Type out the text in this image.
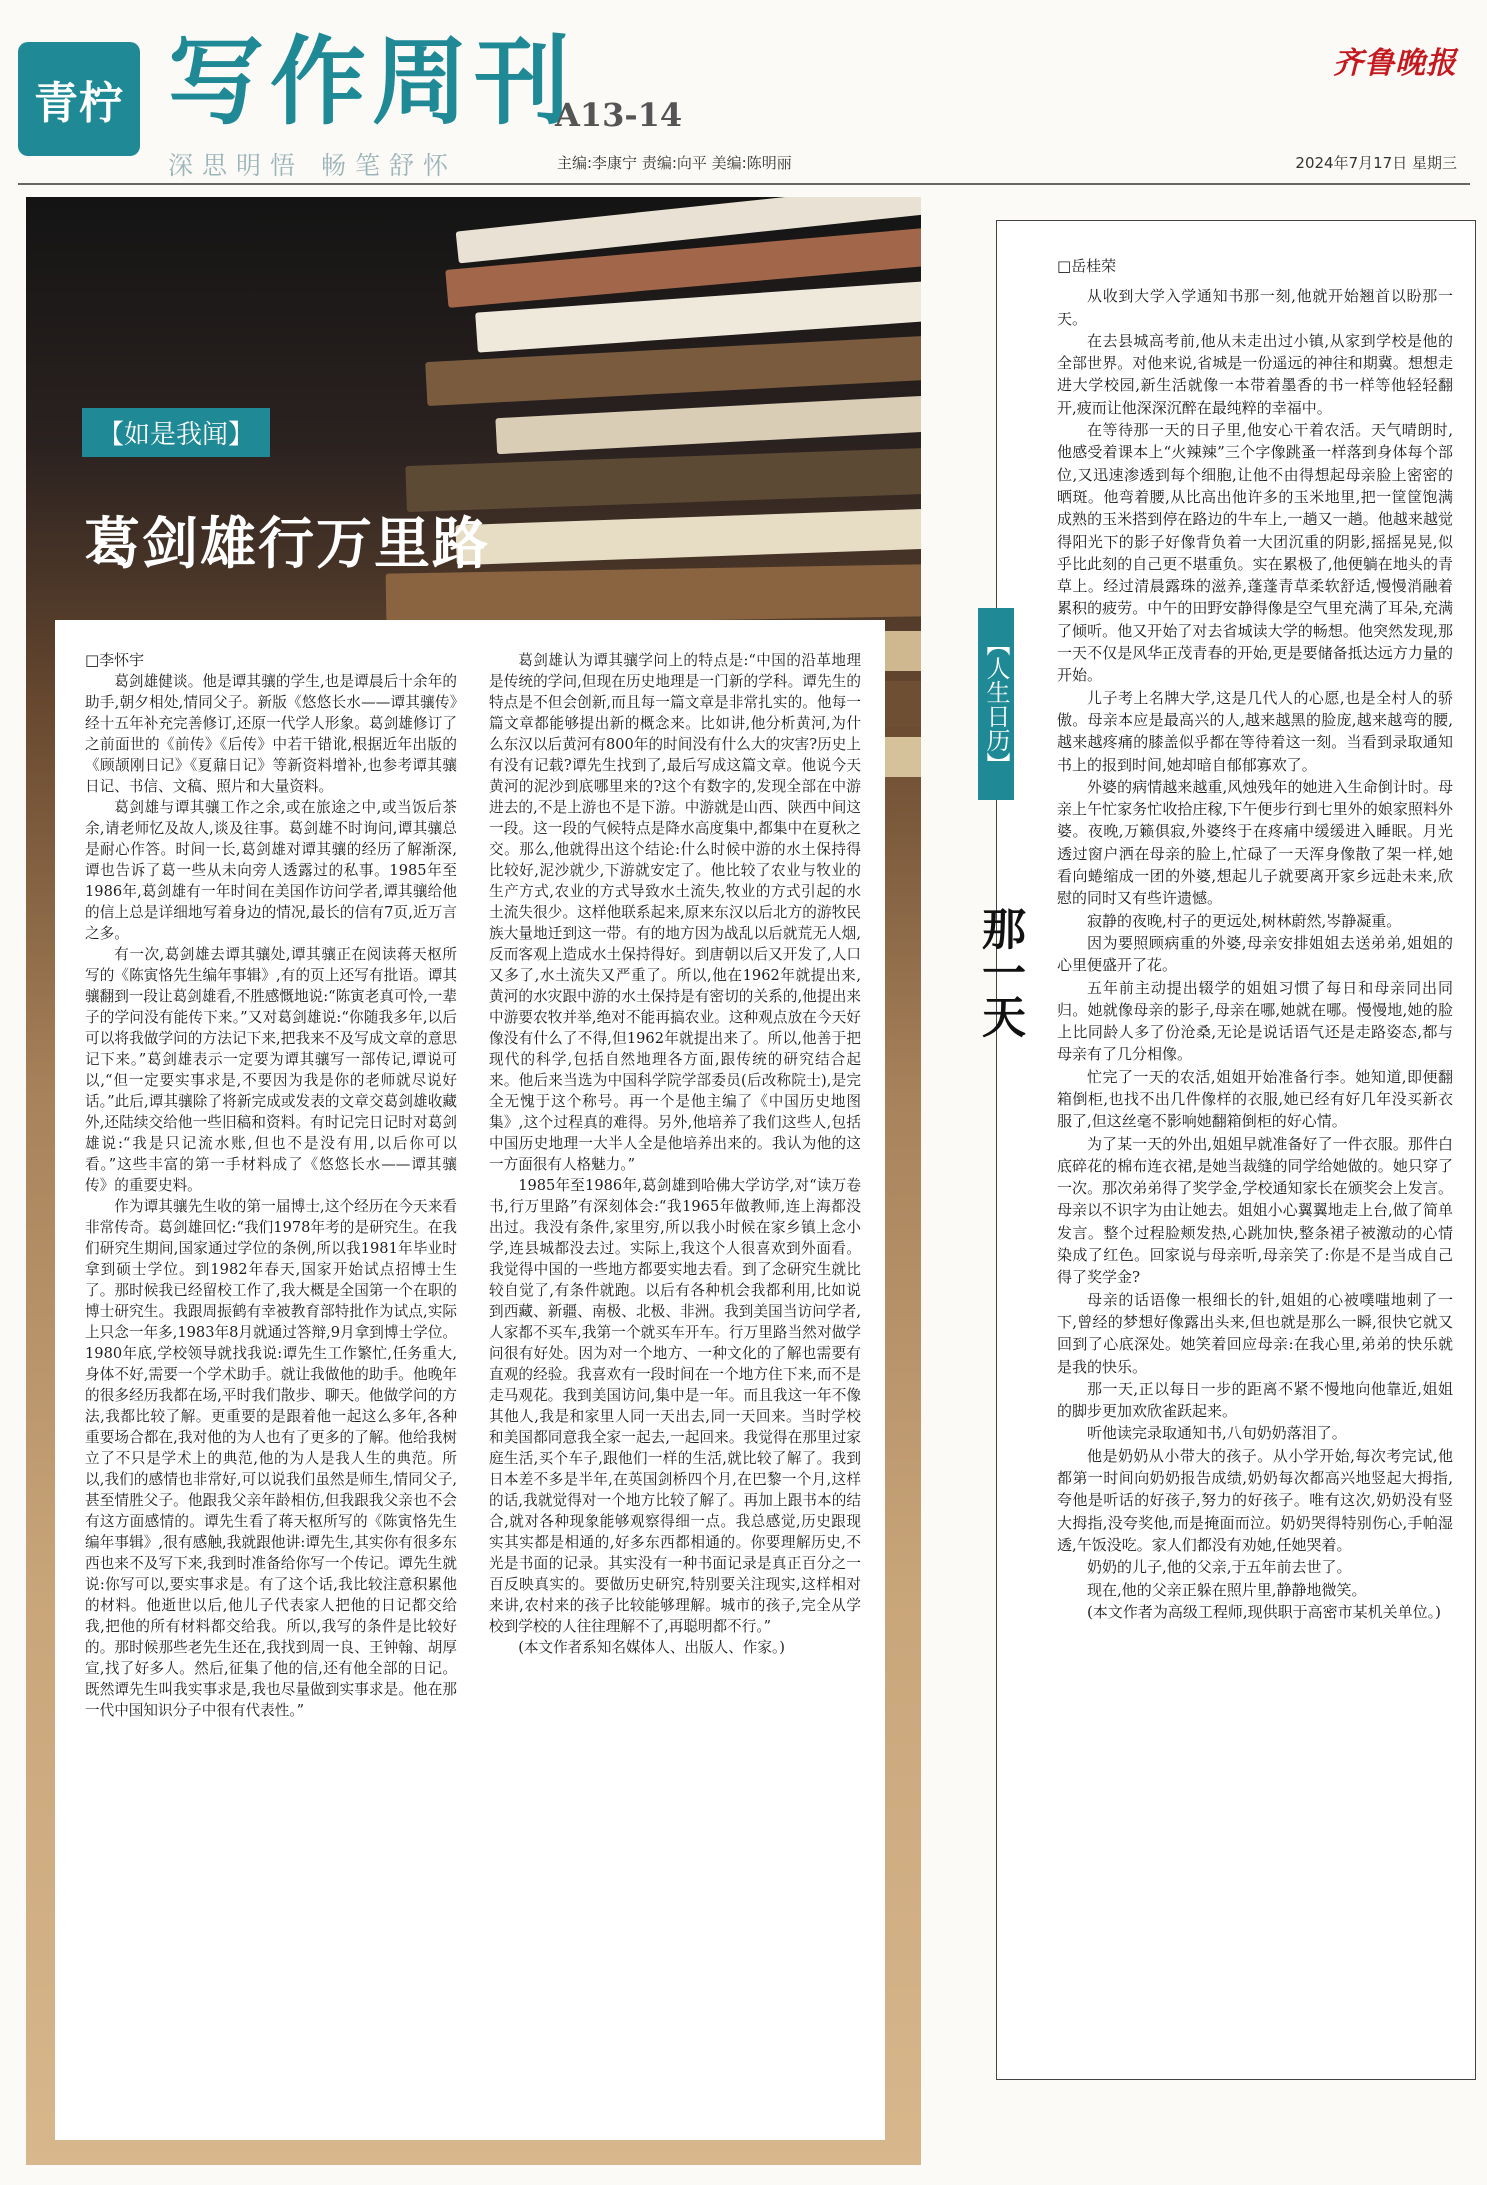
青柠 写作周刊
深思明悟 畅笔舒怀
A13-14
主编:李康宁 责编:向平 美编:陈明丽
齐鲁晚报
2024年7月17日 星期三
【如是我闻】
葛剑雄行万里路

□李怀宇

葛剑雄健谈。他是谭其骧的学生,也是谭晨后十余年的助手,朝夕相处,情同父子。新版《悠悠长水——谭其骧传》经十五年补充完善修订,还原一代学人形象。葛剑雄修订了之前面世的《前传》《后传》中若干错讹,根据近年出版的《顾颉刚日记》《夏鼐日记》等新资料增补,也参考谭其骧日记、书信、文稿、照片和大量资料。

葛剑雄与谭其骧工作之余,或在旅途之中,或当饭后茶余,请老师忆及故人,谈及往事。葛剑雄不时询问,谭其骧总是耐心作答。时间一长,葛剑雄对谭其骧的经历了解渐深,谭也告诉了葛一些从未向旁人透露过的私事。1985年至1986年,葛剑雄有一年时间在美国作访问学者,谭其骧给他的信上总是详细地写着身边的情况,最长的信有7页,近万言之多。

有一次,葛剑雄去谭其骧处,谭其骧正在阅读蒋天枢所写的《陈寅恪先生编年事辑》,有的页上还写有批语。谭其骧翻到一段让葛剑雄看,不胜感慨地说:“陈寅老真可怜,一辈子的学问没有能传下来。”又对葛剑雄说:“你随我多年,以后可以将我做学问的方法记下来,把我来不及写成文章的意思记下来。”葛剑雄表示一定要为谭其骧写一部传记,谭说可以,“但一定要实事求是,不要因为我是你的老师就尽说好话。”此后,谭其骧除了将新完成或发表的文章交葛剑雄收藏外,还陆续交给他一些旧稿和资料。有时记完日记时对葛剑雄说:“我是只记流水账,但也不是没有用,以后你可以看。”这些丰富的第一手材料成了《悠悠长水——谭其骧传》的重要史料。

作为谭其骧先生收的第一届博士,这个经历在今天来看非常传奇。葛剑雄回忆:“我们1978年考的是研究生。在我们研究生期间,国家通过学位的条例,所以我1981年毕业时拿到硕士学位。到1982年春天,国家开始试点招博士生了。那时候我已经留校工作了,我大概是全国第一个在职的博士研究生。我跟周振鹤有幸被教育部特批作为试点,实际上只念一年多,1983年8月就通过答辩,9月拿到博士学位。1980年底,学校领导就找我说:谭先生工作繁忙,任务重大,身体不好,需要一个学术助手。就让我做他的助手。他晚年的很多经历我都在场,平时我们散步、聊天。他做学问的方法,我都比较了解。更重要的是跟着他一起这么多年,各种重要场合都在,我对他的为人也有了更多的了解。他给我树立了不只是学术上的典范,他的为人是我人生的典范。所以,我们的感情也非常好,可以说我们虽然是师生,情同父子,甚至情胜父子。他跟我父亲年龄相仿,但我跟我父亲也不会有这方面感情的。谭先生看了蒋天枢所写的《陈寅恪先生编年事辑》,很有感触,我就跟他讲:谭先生,其实你有很多东西也来不及写下来,我到时准备给你写一个传记。谭先生就说:你写可以,要实事求是。有了这个话,我比较注意积累他的材料。他逝世以后,他儿子代表家人把他的日记都交给我,把他的所有材料都交给我。所以,我写的条件是比较好的。那时候那些老先生还在,我找到周一良、王钟翰、胡厚宣,找了好多人。然后,征集了他的信,还有他全部的日记。既然谭先生叫我实事求是,我也尽量做到实事求是。他在那一代中国知识分子中很有代表性。”

葛剑雄认为谭其骧学问上的特点是:“中国的沿革地理是传统的学问,但现在历史地理是一门新的学科。谭先生的特点是不但会创新,而且每一篇文章是非常扎实的。他每一篇文章都能够提出新的概念来。比如讲,他分析黄河,为什么东汉以后黄河有800年的时间没有什么大的灾害?历史上有没有记载?谭先生找到了,最后写成这篇文章。他说今天黄河的泥沙到底哪里来的?这个有数字的,发现全部在中游进去的,不是上游也不是下游。中游就是山西、陕西中间这一段。这一段的气候特点是降水高度集中,都集中在夏秋之交。那么,他就得出这个结论:什么时候中游的水土保持得比较好,泥沙就少,下游就安定了。他比较了农业与牧业的生产方式,农业的方式导致水土流失,牧业的方式引起的水土流失很少。这样他联系起来,原来东汉以后北方的游牧民族大量地迁到这一带。有的地方因为战乱以后就荒无人烟,反而客观上造成水土保持得好。到唐朝以后又开发了,人口又多了,水土流失又严重了。所以,他在1962年就提出来,黄河的水灾跟中游的水土保持是有密切的关系的,他提出来中游要农牧并举,绝对不能再搞农业。这种观点放在今天好像没有什么了不得,但1962年就提出来了。所以,他善于把现代的科学,包括自然地理各方面,跟传统的研究结合起来。他后来当选为中国科学院学部委员(后改称院士),是完全无愧于这个称号。再一个是他主编了《中国历史地图集》,这个过程真的难得。另外,他培养了我们这些人,包括中国历史地理一大半人全是他培养出来的。我认为他的这一方面很有人格魅力。”

1985年至1986年,葛剑雄到哈佛大学访学,对“读万卷书,行万里路”有深刻体会:“我1965年做教师,连上海都没出过。我没有条件,家里穷,所以我小时候在家乡镇上念小学,连县城都没去过。实际上,我这个人很喜欢到外面看。我觉得中国的一些地方都要实地去看。到了念研究生就比较自觉了,有条件就跑。以后有各种机会我都利用,比如说到西藏、新疆、南极、北极、非洲。我到美国当访问学者,人家都不买车,我第一个就买车开车。行万里路当然对做学问很有好处。因为对一个地方、一种文化的了解也需要有直观的经验。我喜欢有一段时间在一个地方住下来,而不是走马观花。我到美国访问,集中是一年。而且我这一年不像其他人,我是和家里人同一天出去,同一天回来。当时学校和美国都同意我全家一起去,一起回来。我觉得在那里过家庭生活,买个车子,跟他们一样的生活,就比较了解了。我到日本差不多是半年,在英国剑桥四个月,在巴黎一个月,这样的话,我就觉得对一个地方比较了解了。再加上跟书本的结合,就对各种现象能够观察得细一点。我总感觉,历史跟现实其实都是相通的,好多东西都相通的。你要理解历史,不光是书面的记录。其实没有一种书面记录是真正百分之一百反映真实的。要做历史研究,特别要关注现实,这样相对来讲,农村来的孩子比较能够理解。城市的孩子,完全从学校到学校的人往往理解不了,再聪明都不行。”

(本文作者系知名媒体人、出版人、作家。)

□岳桂荣

从收到大学入学通知书那一刻,他就开始翘首以盼那一天。

在去县城高考前,他从未走出过小镇,从家到学校是他的全部世界。对他来说,省城是一份遥远的神往和期冀。想想走进大学校园,新生活就像一本带着墨香的书一样等他轻轻翻开,疲而让他深深沉醉在最纯粹的幸福中。

在等待那一天的日子里,他安心干着农活。天气晴朗时,他感受着课本上“火辣辣”三个字像跳蚤一样落到身体每个部位,又迅速渗透到每个细胞,让他不由得想起母亲脸上密密的晒斑。他弯着腰,从比高出他许多的玉米地里,把一筐筐饱满成熟的玉米搭到停在路边的牛车上,一趟又一趟。他越来越觉得阳光下的影子好像背负着一大团沉重的阴影,摇摇晃晃,似乎比此刻的自己更不堪重负。实在累极了,他便躺在地头的青草上。经过清晨露珠的滋养,蓬蓬青草柔软舒适,慢慢消融着累积的疲劳。中午的田野安静得像是空气里充满了耳朵,充满了倾听。他又开始了对去省城读大学的畅想。他突然发现,那一天不仅是风华正茂青春的开始,更是要储备抵达远方力量的开始。

儿子考上名牌大学,这是几代人的心愿,也是全村人的骄傲。母亲本应是最高兴的人,越来越黑的脸庞,越来越弯的腰,越来越疼痛的膝盖似乎都在等待着这一刻。当看到录取通知书上的报到时间,她却暗自郁郁寡欢了。

外婆的病情越来越重,风烛残年的她进入生命倒计时。母亲上午忙家务忙收拾庄稼,下午便步行到七里外的娘家照料外婆。夜晚,万籁俱寂,外婆终于在疼痛中缓缓进入睡眠。月光透过窗户洒在母亲的脸上,忙碌了一天浑身像散了架一样,她看向蜷缩成一团的外婆,想起儿子就要离开家乡远赴未来,欣慰的同时又有些许遗憾。

寂静的夜晚,村子的更远处,树林蔚然,岑静凝重。

因为要照顾病重的外婆,母亲安排姐姐去送弟弟,姐姐的心里便盛开了花。

五年前主动提出辍学的姐姐习惯了每日和母亲同出同归。她就像母亲的影子,母亲在哪,她就在哪。慢慢地,她的脸上比同龄人多了份沧桑,无论是说话语气还是走路姿态,都与母亲有了几分相像。

忙完了一天的农活,姐姐开始准备行李。她知道,即便翻箱倒柜,也找不出几件像样的衣服,她已经有好几年没买新衣服了,但这丝毫不影响她翻箱倒柜的好心情。

为了某一天的外出,姐姐早就准备好了一件衣服。那件白底碎花的棉布连衣裙,是她当裁缝的同学给她做的。她只穿了一次。那次弟弟得了奖学金,学校通知家长在颁奖会上发言。母亲以不识字为由让她去。姐姐小心翼翼地走上台,做了简单发言。整个过程脸颊发热,心跳加快,整条裙子被激动的心情染成了红色。回家说与母亲听,母亲笑了:你是不是当成自己得了奖学金?

母亲的话语像一根细长的针,姐姐的心被噗嗤地刺了一下,曾经的梦想好像露出头来,但也就是那么一瞬,很快它就又回到了心底深处。她笑着回应母亲:在我心里,弟弟的快乐就是我的快乐。

那一天,正以每日一步的距离不紧不慢地向他靠近,姐姐的脚步更加欢欣雀跃起来。

听他读完录取通知书,八旬奶奶落泪了。

他是奶奶从小带大的孩子。从小学开始,每次考完试,他都第一时间向奶奶报告成绩,奶奶每次都高兴地竖起大拇指,夸他是听话的好孩子,努力的好孩子。唯有这次,奶奶没有竖大拇指,没夸奖他,而是掩面而泣。奶奶哭得特别伤心,手帕湿透,午饭没吃。家人们都没有劝她,任她哭着。

奶奶的儿子,他的父亲,于五年前去世了。

现在,他的父亲正躲在照片里,静静地微笑。

(本文作者为高级工程师,现供职于高密市某机关单位。)

【人生日历】
那一天
